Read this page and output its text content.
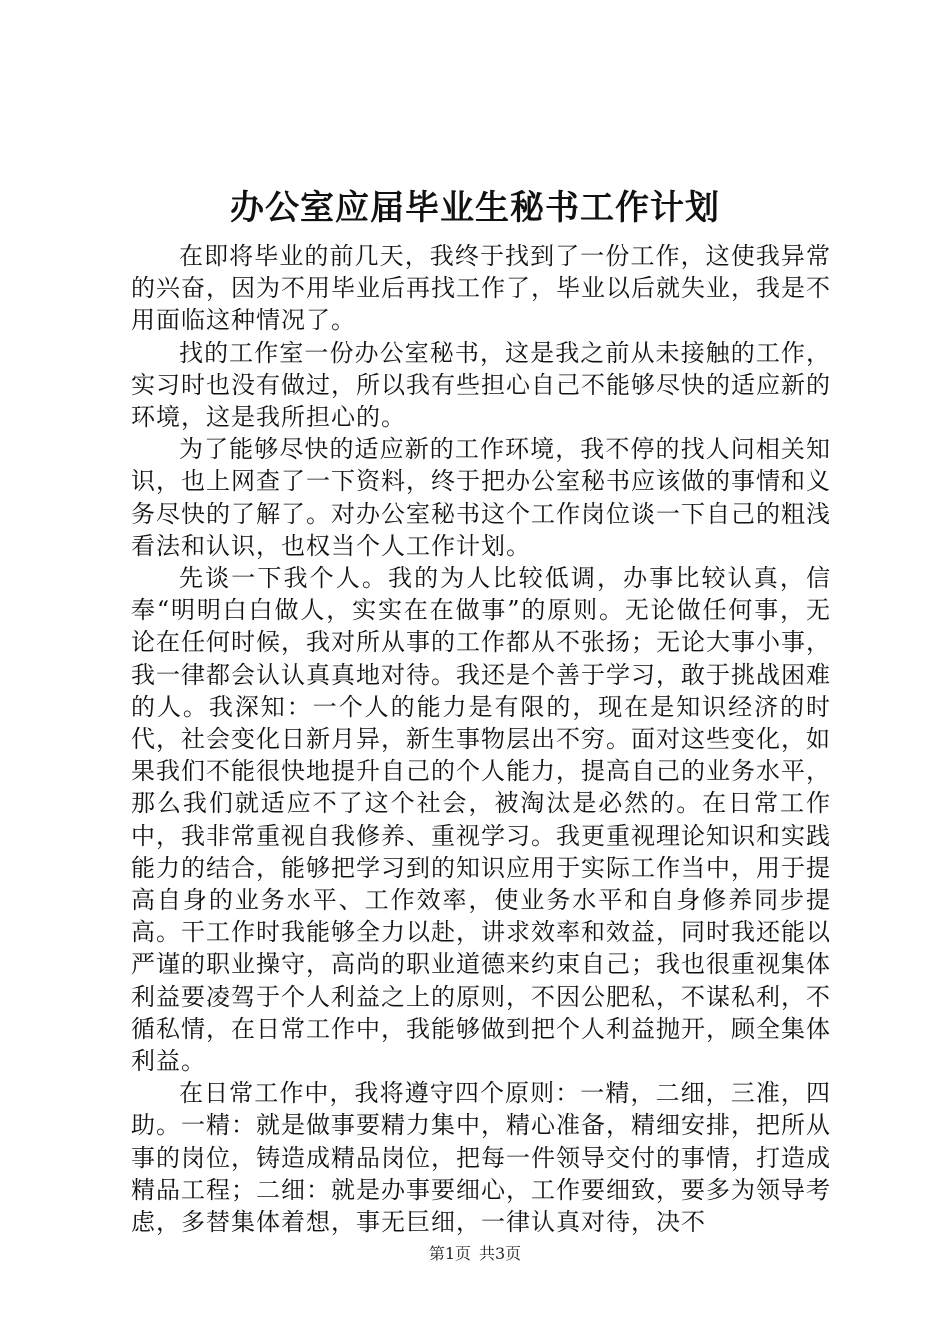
办公室应届毕业生秘书工作计划

在即将毕业的前几天，我终于找到了一份工作，这使我异常的兴奋，因为不用毕业后再找工作了，毕业以后就失业，我是不用面临这种情况了。

找的工作室一份办公室秘书，这是我之前从未接触的工作，实习时也没有做过，所以我有些担心自己不能够尽快的适应新的环境，这是我所担心的。

为了能够尽快的适应新的工作环境，我不停的找人问相关知识，也上网查了一下资料，终于把办公室秘书应该做的事情和义务尽快的了解了。对办公室秘书这个工作岗位谈一下自己的粗浅看法和认识，也权当个人工作计划。

先谈一下我个人。我的为人比较低调，办事比较认真，信奉“明明白白做人，实实在在做事”的原则。无论做任何事，无论在任何时候，我对所从事的工作都从不张扬；无论大事小事，我一律都会认认真真地对待。我还是个善于学习，敢于挑战困难的人。我深知：一个人的能力是有限的，现在是知识经济的时代，社会变化日新月异，新生事物层出不穷。面对这些变化，如果我们不能很快地提升自己的个人能力，提高自己的业务水平，那么我们就适应不了这个社会，被淘汰是必然的。在日常工作中，我非常重视自我修养、重视学习。我更重视理论知识和实践能力的结合，能够把学习到的知识应用于实际工作当中，用于提高自身的业务水平、工作效率，使业务水平和自身修养同步提高。干工作时我能够全力以赴，讲求效率和效益，同时我还能以严谨的职业操守，高尚的职业道德来约束自己；我也很重视集体利益要凌驾于个人利益之上的原则，不因公肥私，不谋私利，不循私情，在日常工作中，我能够做到把个人利益抛开，顾全集体利益。

在日常工作中，我将遵守四个原则：一精，二细，三准，四助。一精：就是做事要精力集中，精心准备，精细安排，把所从事的岗位，铸造成精品岗位，把每一件领导交付的事情，打造成精品工程；二细：就是办事要细心，工作要细致，要多为领导考虑，多替集体着想，事无巨细，一律认真对待，决不

第1页 共3页
